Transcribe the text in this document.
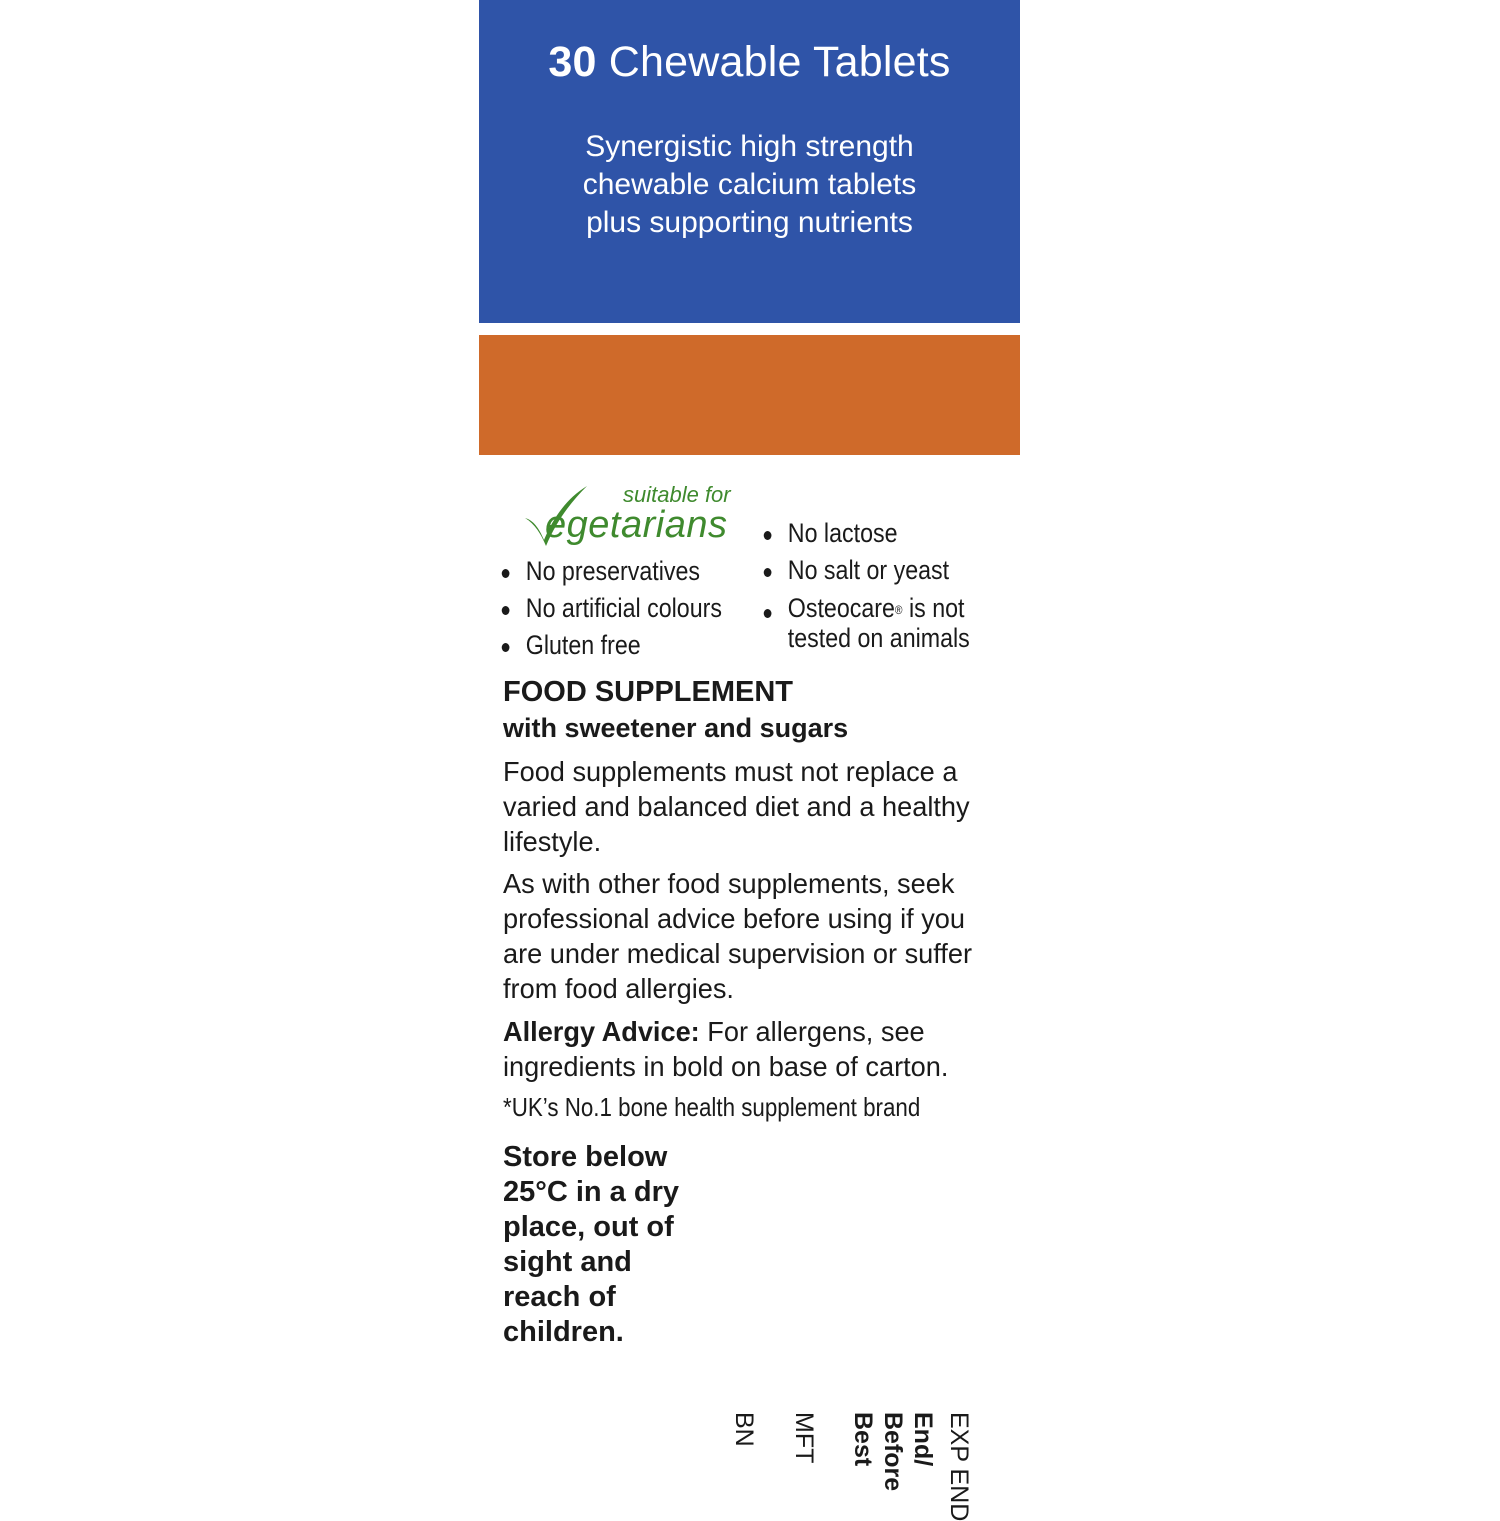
30 Chewable Tablets
Synergistic high strength
chewable calcium tablets
plus supporting nutrients
suitable for
egetarians
No preservatives
No artificial colours
Gluten free
No lactose
No salt or yeast
Osteocare® is not
tested on animals
FOOD SUPPLEMENT
with sweetener and sugars
Food supplements must not replace a varied and balanced diet and a healthy lifestyle.
As with other food supplements, seek professional advice before using if you are under medical supervision or suffer from food allergies.
Allergy Advice: For allergens, see ingredients in bold on base of carton.
*UK’s No.1 bone health supplement brand
Store below 25°C in a dry place, out of sight and reach of children.
BN MFT Best Before End/ EXP END
